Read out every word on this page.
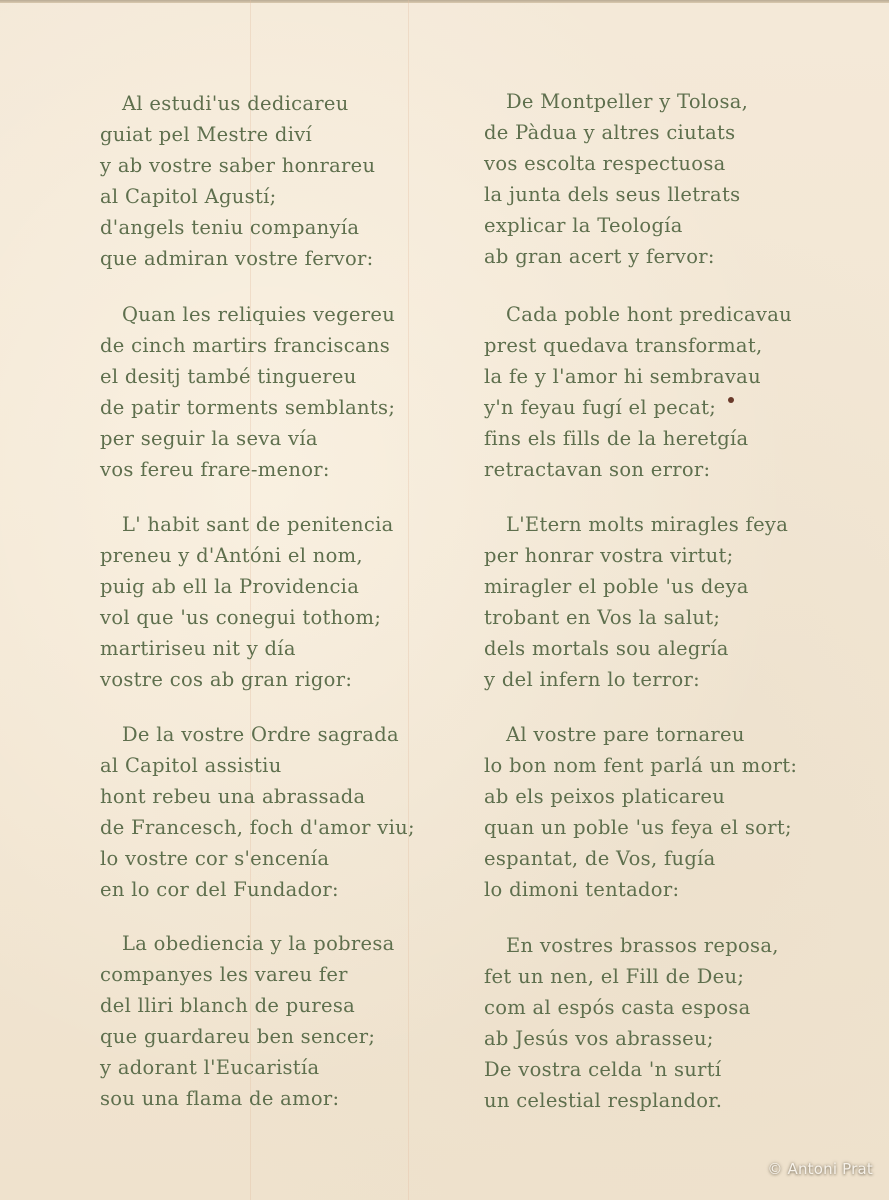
Al estudi'us dedicareu
guiat pel Mestre diví
y ab vostre saber honrareu
al Capitol Agustí;
d'angels teniu companyía
que admiran vostre fervor:
Quan les reliquies vegereu
de cinch martirs franciscans
el desitj també tinguereu
de patir torments semblants;
per seguir la seva vía
vos fereu frare-menor:
L' habit sant de penitencia
preneu y d'Antóni el nom,
puig ab ell la Providencia
vol que 'us conegui tothom;
martiriseu nit y día
vostre cos ab gran rigor:
De la vostre Ordre sagrada
al Capitol assistiu
hont rebeu una abrassada
de Francesch, foch d'amor viu;
lo vostre cor s'encenía
en lo cor del Fundador:
La obediencia y la pobresa
companyes les vareu fer
del lliri blanch de puresa
que guardareu ben sencer;
y adorant l'Eucaristía
sou una flama de amor:
De Montpeller y Tolosa,
de Pàdua y altres ciutats
vos escolta respectuosa
la junta dels seus lletrats
explicar la Teología
ab gran acert y fervor:
Cada poble hont predicavau
prest quedava transformat,
la fe y l'amor hi sembravau
y'n feyau fugí el pecat;
fins els fills de la heretgía
retractavan son error:
L'Etern molts miragles feya
per honrar vostra virtut;
miragler el poble 'us deya
trobant en Vos la salut;
dels mortals sou alegría
y del infern lo terror:
Al vostre pare tornareu
lo bon nom fent parlá un mort:
ab els peixos platicareu
quan un poble 'us feya el sort;
espantat, de Vos, fugía
lo dimoni tentador:
En vostres brassos reposa,
fet un nen, el Fill de Deu;
com al espós casta esposa
ab Jesús vos abrasseu;
De vostra celda 'n surtí
un celestial resplandor.
© Antoni Prat
